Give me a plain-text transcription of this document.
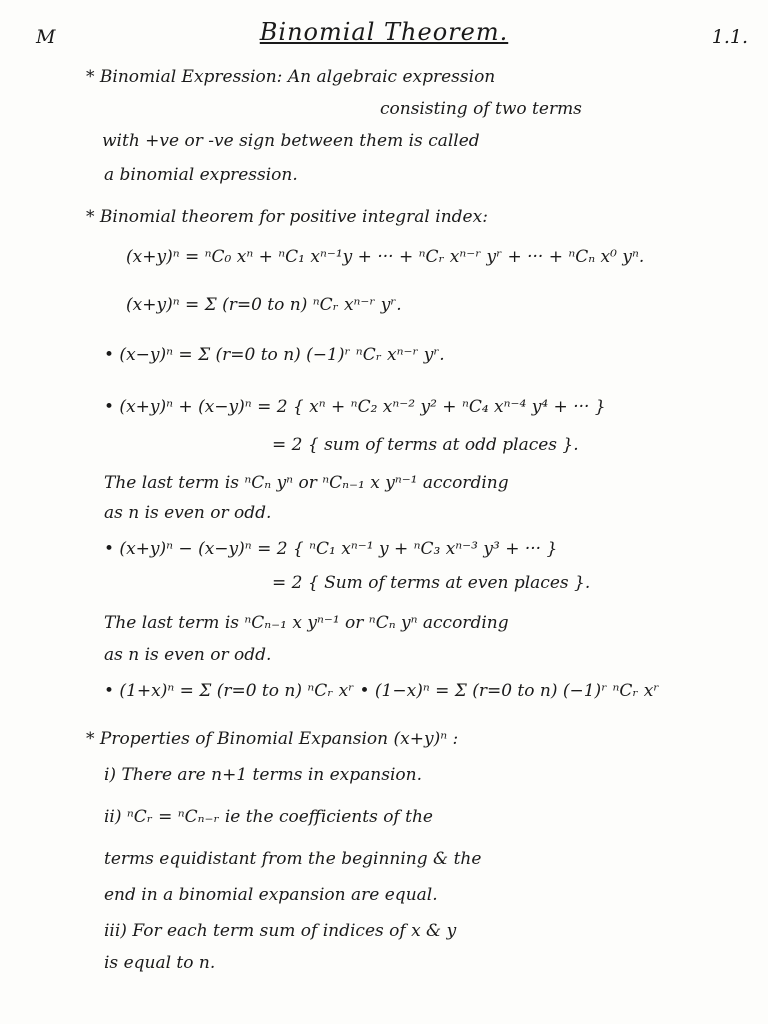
M	Binomial Theorem.	1.1.
* Binomial Expression: An algebraic expression
consisting of two terms
with +ve or -ve sign between them is called
a binomial expression.
* Binomial theorem for positive integral index:
(x+y)ⁿ = ⁿC₀ xⁿ + ⁿC₁ xⁿ⁻¹y + ··· + ⁿCᵣ xⁿ⁻ʳ yʳ + ··· + ⁿCₙ x⁰ yⁿ.
(x+y)ⁿ = Σ (r=0 to n) ⁿCᵣ xⁿ⁻ʳ yʳ.
• (x−y)ⁿ = Σ (r=0 to n) (−1)ʳ ⁿCᵣ xⁿ⁻ʳ yʳ.
• (x+y)ⁿ + (x−y)ⁿ = 2 { xⁿ + ⁿC₂ xⁿ⁻² y² + ⁿC₄ xⁿ⁻⁴ y⁴ + ··· }
= 2 { sum of terms at odd places }.
The last term is ⁿCₙ yⁿ or ⁿCₙ₋₁ x yⁿ⁻¹ according
as n is even or odd.
• (x+y)ⁿ − (x−y)ⁿ = 2 { ⁿC₁ xⁿ⁻¹ y + ⁿC₃ xⁿ⁻³ y³ + ··· }
= 2 { Sum of terms at even places }.
The last term is ⁿCₙ₋₁ x yⁿ⁻¹ or ⁿCₙ yⁿ according
as n is even or odd.
• (1+x)ⁿ = Σ (r=0 to n) ⁿCᵣ xʳ • (1−x)ⁿ = Σ (r=0 to n) (−1)ʳ ⁿCᵣ xʳ
* Properties of Binomial Expansion (x+y)ⁿ :
i) There are n+1 terms in expansion.
ii) ⁿCᵣ = ⁿCₙ₋ᵣ ie the coefficients of the
terms equidistant from the beginning & the
end in a binomial expansion are equal.
iii) For each term sum of indices of x & y
is equal to n.
